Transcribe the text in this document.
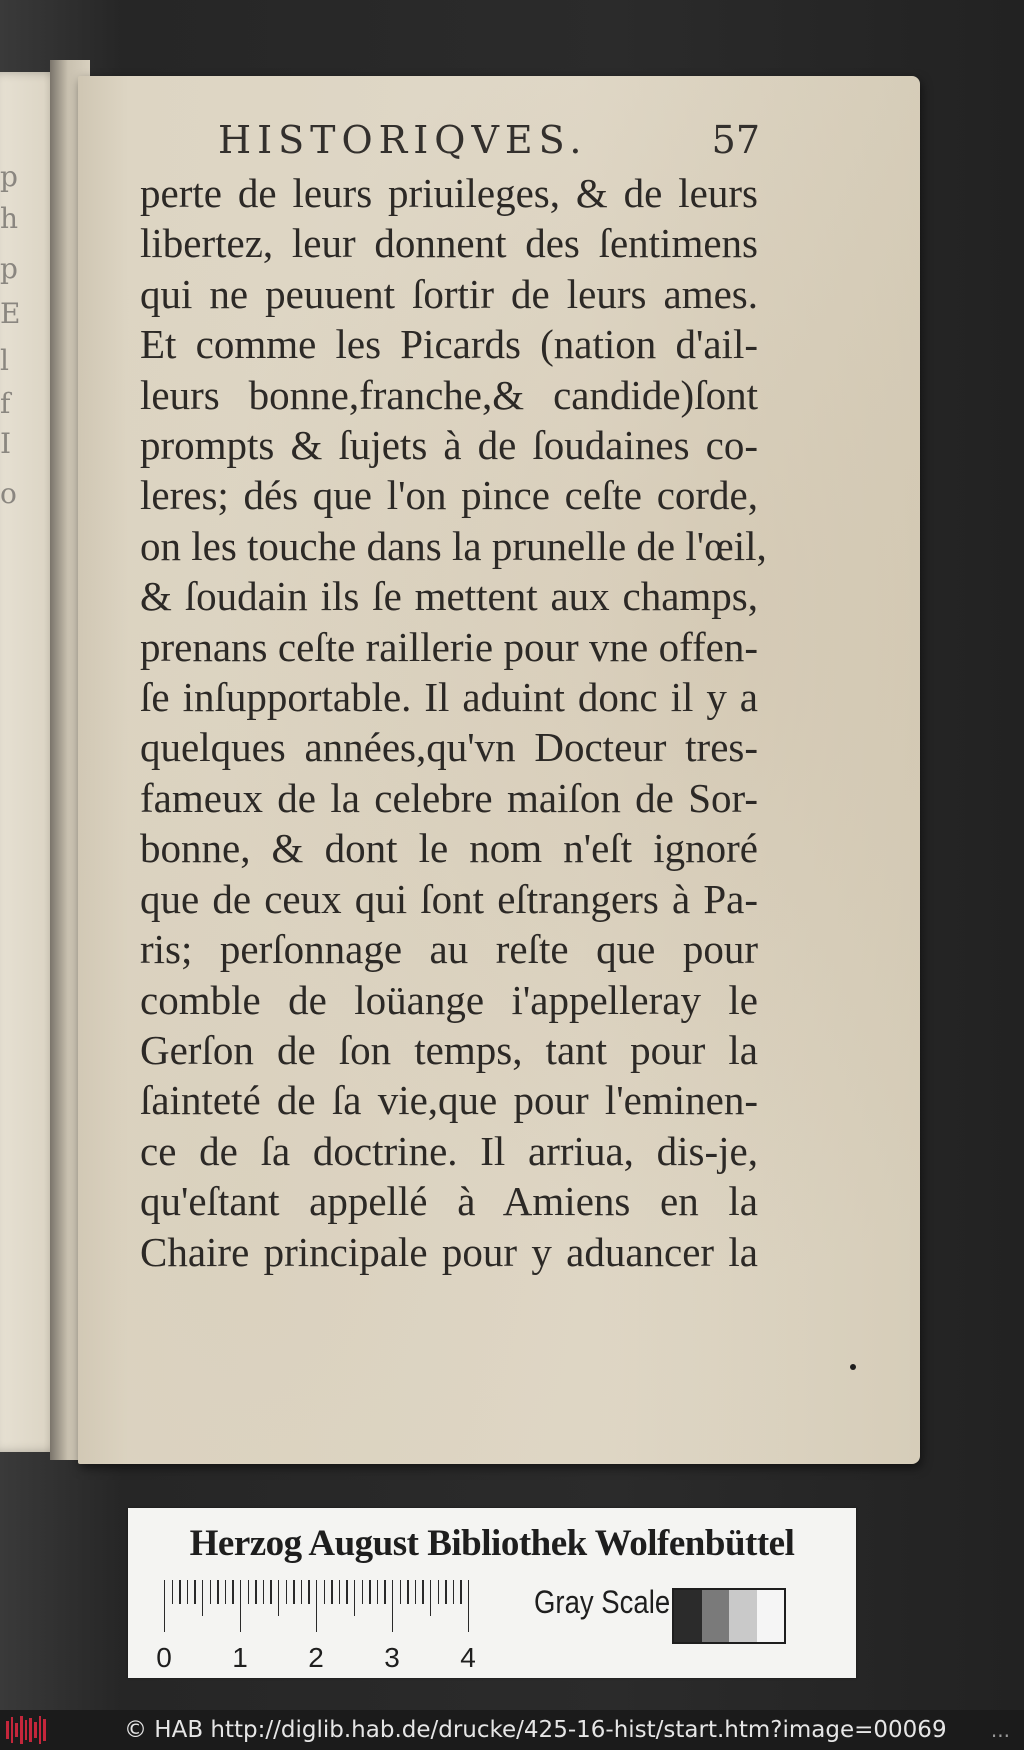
p
h
p
E
l
f
I
o
HISTORIQVES.	57
perte de leurs priuileges, & de leurs
libertez, leur donnent des ſentimens
qui ne peuuent ſortir de leurs ames.
Et comme les Picards (nation d'ail-
leurs bonne,franche,& candide)ſont
prompts & ſujets à de ſoudaines co-
leres; dés que l'on pince ceſte corde,
on les touche dans la prunelle de l'œil,
& ſoudain ils ſe mettent aux champs,
prenans ceſte raillerie pour vne offen-
ſe inſupportable. Il aduint donc il y a
quelques années,qu'vn Docteur tres-
fameux de la celebre maiſon de Sor-
bonne, & dont le nom n'eſt ignoré
que de ceux qui ſont eſtrangers à Pa-
ris; perſonnage au reſte que pour
comble de loüange i'appelleray le
Gerſon de ſon temps, tant pour la
ſainteté de ſa vie,que pour l'eminen-
ce de ſa doctrine. Il arriua, dis-je,
qu'eſtant appellé à Amiens en la
Chaire principale pour y aduancer la
Herzog August Bibliothek Wolfenbüttel
0 1 2 3 4
Gray Scale
© HAB http://diglib.hab.de/drucke/425-16-hist/start.htm?image=00069 ...
